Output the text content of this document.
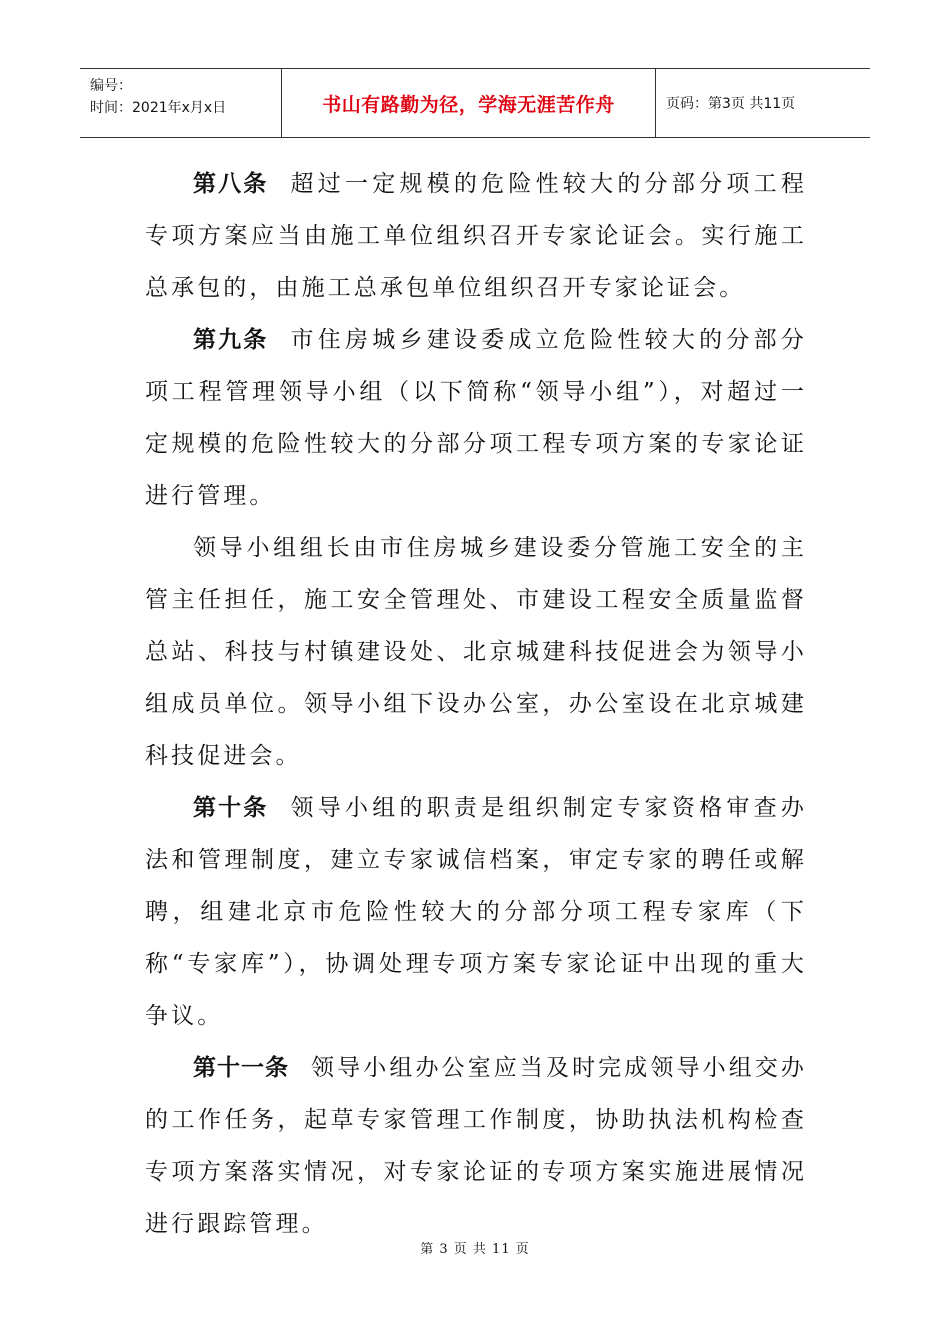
编号：
时间：2021年x月x日	书山有路勤为径，学海无涯苦作舟	页码：第3页 共11页

第八条 超过一定规模的危险性较大的分部分项工程专项方案应当由施工单位组织召开专家论证会。实行施工总承包的，由施工总承包单位组织召开专家论证会。

第九条 市住房城乡建设委成立危险性较大的分部分项工程管理领导小组（以下简称“领导小组”），对超过一定规模的危险性较大的分部分项工程专项方案的专家论证进行管理。

领导小组组长由市住房城乡建设委分管施工安全的主管主任担任，施工安全管理处、市建设工程安全质量监督总站、科技与村镇建设处、北京城建科技促进会为领导小组成员单位。领导小组下设办公室，办公室设在北京城建科技促进会。

第十条 领导小组的职责是组织制定专家资格审查办法和管理制度，建立专家诚信档案，审定专家的聘任或解聘，组建北京市危险性较大的分部分项工程专家库（下称“专家库”），协调处理专项方案专家论证中出现的重大争议。

第十一条 领导小组办公室应当及时完成领导小组交办的工作任务，起草专家管理工作制度，协助执法机构检查专项方案落实情况，对专家论证的专项方案实施进展情况进行跟踪管理。

第 3 页 共 11 页
